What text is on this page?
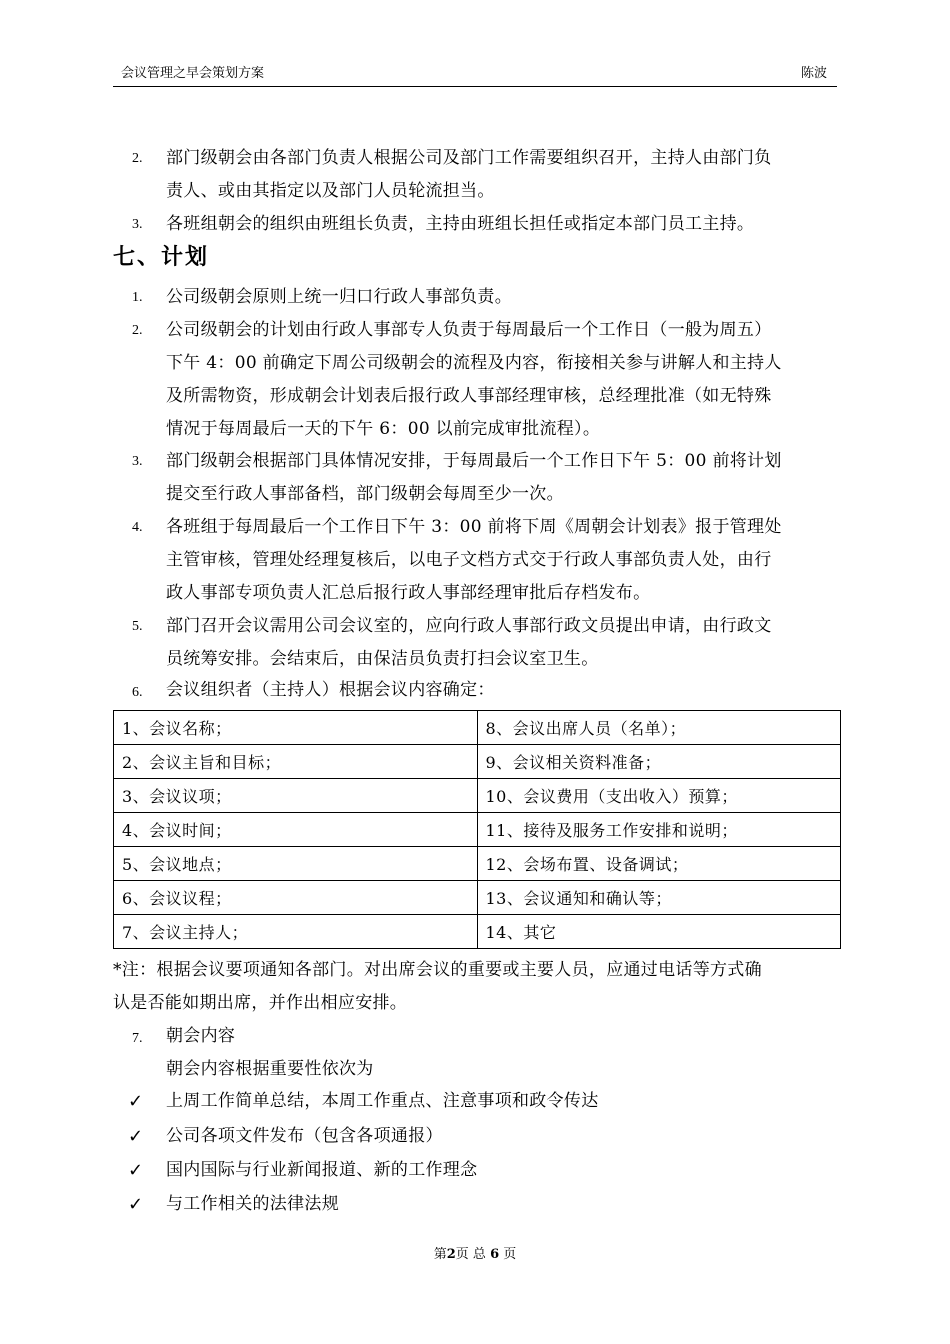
会议管理之早会策划方案	陈波
2.	部门级朝会由各部门负责人根据公司及部门工作需要组织召开，主持人由部门负
责人、或由其指定以及部门人员轮流担当。
3.	各班组朝会的组织由班组长负责，主持由班组长担任或指定本部门员工主持。
七、计划
1.	公司级朝会原则上统一归口行政人事部负责。
2.	公司级朝会的计划由行政人事部专人负责于每周最后一个工作日（一般为周五）
下午 4：00 前确定下周公司级朝会的流程及内容，衔接相关参与讲解人和主持人
及所需物资，形成朝会计划表后报行政人事部经理审核，总经理批准（如无特殊
情况于每周最后一天的下午 6：00 以前完成审批流程）。
3.	部门级朝会根据部门具体情况安排，于每周最后一个工作日下午 5：00 前将计划
提交至行政人事部备档，部门级朝会每周至少一次。
4.	各班组于每周最后一个工作日下午 3：00 前将下周《周朝会计划表》报于管理处
主管审核，管理处经理复核后，以电子文档方式交于行政人事部负责人处，由行
政人事部专项负责人汇总后报行政人事部经理审批后存档发布。
5.	部门召开会议需用公司会议室的，应向行政人事部行政文员提出申请，由行政文
员统筹安排。会结束后，由保洁员负责打扫会议室卫生。
6.	会议组织者（主持人）根据会议内容确定：
1、会议名称；	8、会议出席人员（名单）；
2、会议主旨和目标；	9、会议相关资料准备；
3、会议议项；	10、会议费用（支出收入）预算；
4、会议时间；	11、接待及服务工作安排和说明；
5、会议地点；	12、会场布置、设备调试；
6、会议议程；	13、会议通知和确认等；
7、会议主持人；	14、其它
*注：根据会议要项通知各部门。对出席会议的重要或主要人员，应通过电话等方式确
认是否能如期出席，并作出相应安排。
7.	朝会内容
朝会内容根据重要性依次为
✓	上周工作简单总结，本周工作重点、注意事项和政令传达
✓	公司各项文件发布（包含各项通报）
✓	国内国际与行业新闻报道、新的工作理念
✓	与工作相关的法律法规
第2页 总 6 页
